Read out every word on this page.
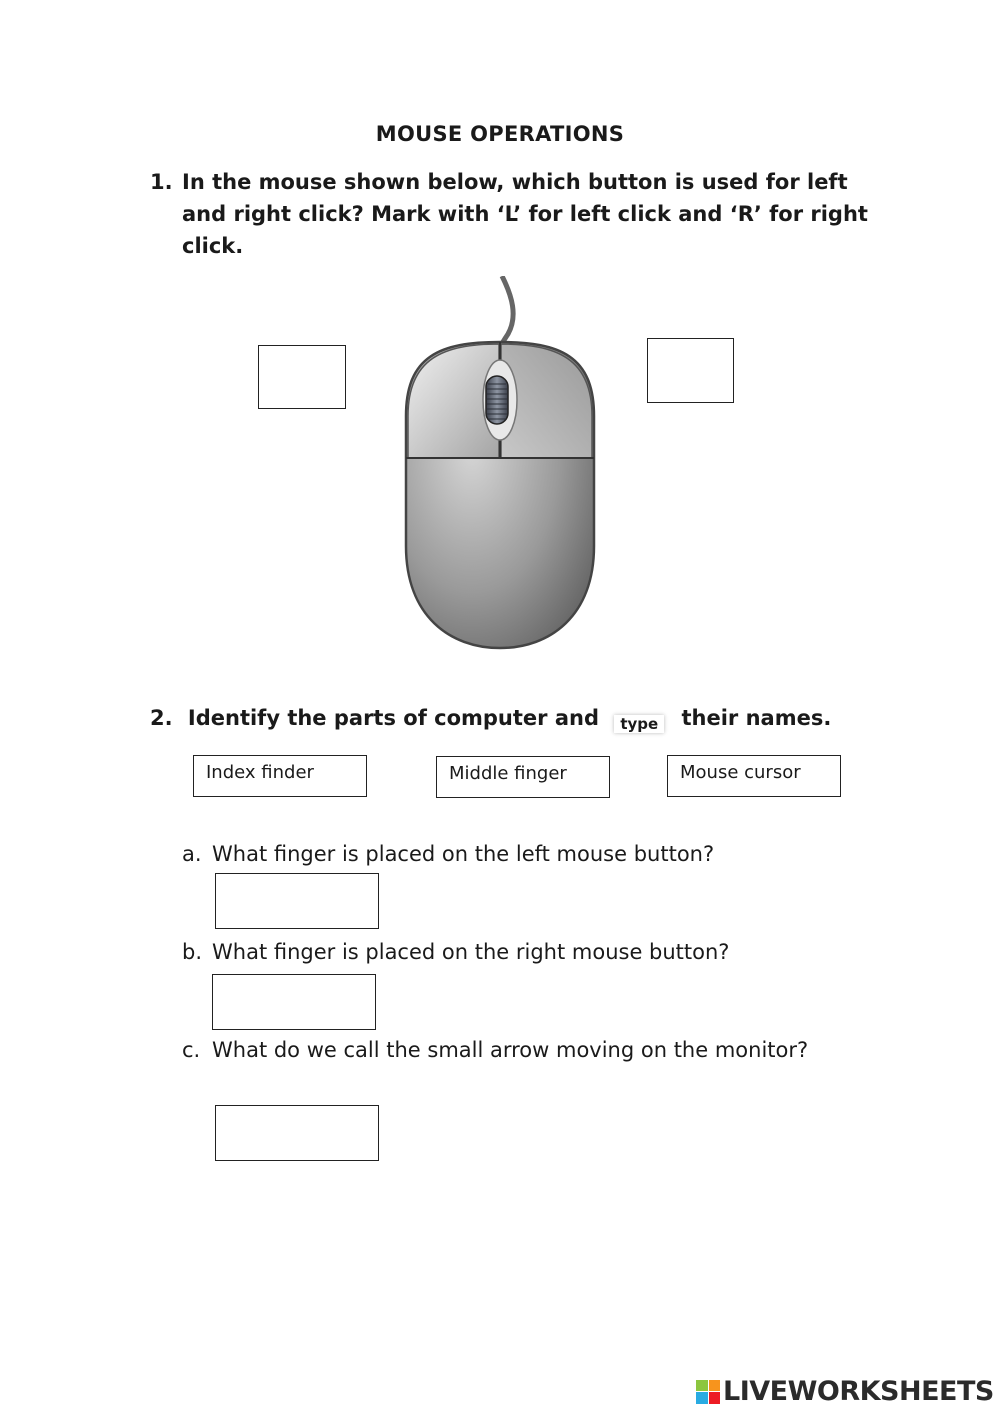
MOUSE OPERATIONS
1. In the mouse shown below, which button is used for left and right click? Mark with ‘L’ for left click and ‘R’ for right click.
2. Identify the parts of computer and type their names.
Index finder	Middle finger	Mouse cursor
a. What finger is placed on the left mouse button?
b. What finger is placed on the right mouse button?
c. What do we call the small arrow moving on the monitor?
LIVEWORKSHEETS
